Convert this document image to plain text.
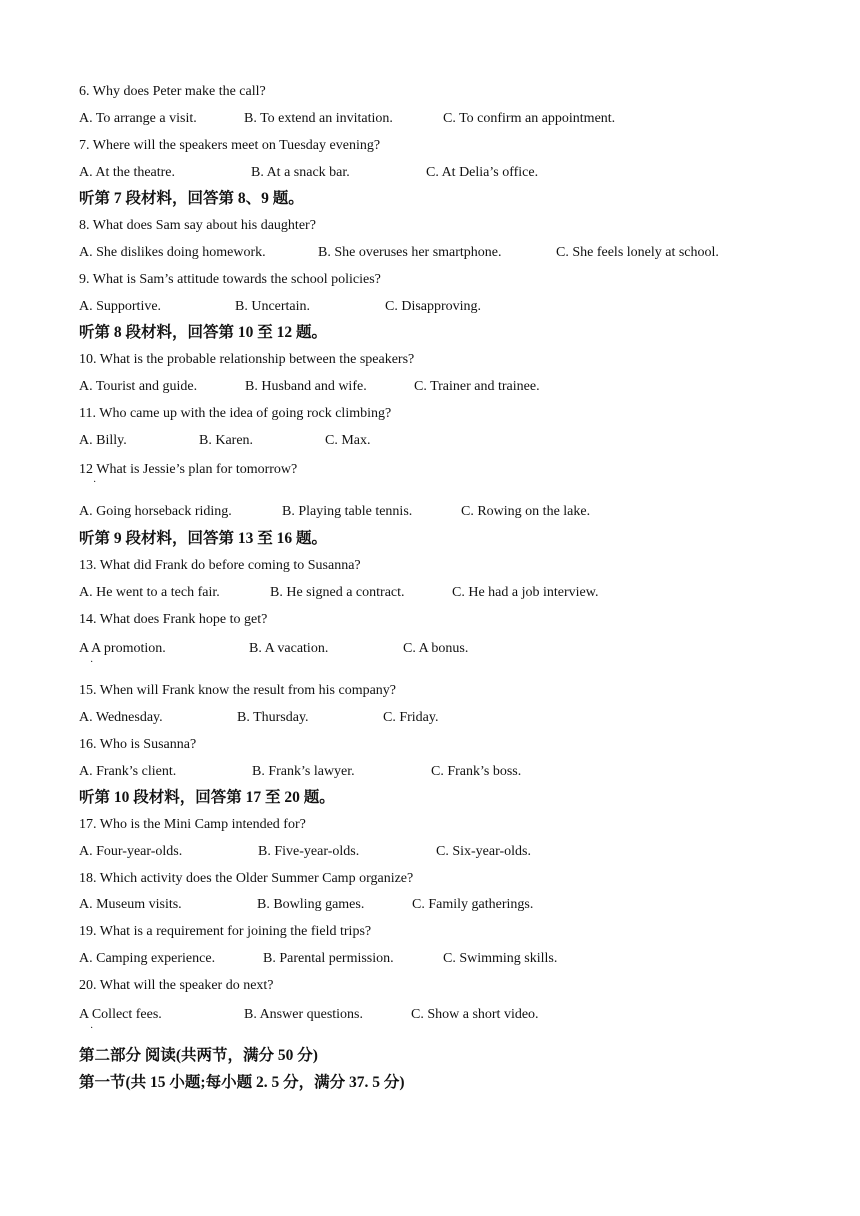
6. Why does Peter make the call?
A. To arrange a visit.	B. To extend an invitation.	C. To confirm an appointment.
7. Where will the speakers meet on Tuesday evening?
A. At the theatre.	B. At a snack bar.	C. At Delia’s office.
听第 7 段材料，回答第 8、9 题。
8. What does Sam say about his daughter?
A. She dislikes doing homework.	B. She overuses her smartphone.	C. She feels lonely at school.
9. What is Sam’s attitude towards the school policies?
A. Supportive.	B. Uncertain.	C. Disapproving.
听第 8 段材料，回答第 10 至 12 题。
10. What is the probable relationship between the speakers?
A. Tourist and guide.	B. Husband and wife.	C. Trainer and trainee.
11. Who came up with the idea of going rock climbing?
A. Billy.	B. Karen.	C. Max.
12 What is Jessie’s plan for tomorrow?
·
A. Going horseback riding.	B. Playing table tennis.	C. Rowing on the lake.
听第 9 段材料，回答第 13 至 16 题。
13. What did Frank do before coming to Susanna?
A. He went to a tech fair.	B. He signed a contract.	C. He had a job interview.
14. What does Frank hope to get?
A A promotion.	B. A vacation.	C. A bonus.
·
15. When will Frank know the result from his company?
A. Wednesday.	B. Thursday.	C. Friday.
16. Who is Susanna?
A. Frank’s client.	B. Frank’s lawyer.	C. Frank’s boss.
听第 10 段材料，回答第 17 至 20 题。
17. Who is the Mini Camp intended for?
A. Four-year-olds.	B. Five-year-olds.	C. Six-year-olds.
18. Which activity does the Older Summer Camp organize?
A. Museum visits.	B. Bowling games.	C. Family gatherings.
19. What is a requirement for joining the field trips?
A. Camping experience.	B. Parental permission.	C. Swimming skills.
20. What will the speaker do next?
A Collect fees.	B. Answer questions.	C. Show a short video.
·
第二部分 阅读(共两节，满分 50 分)
第一节(共 15 小题;每小题 2. 5 分，满分 37. 5 分)
